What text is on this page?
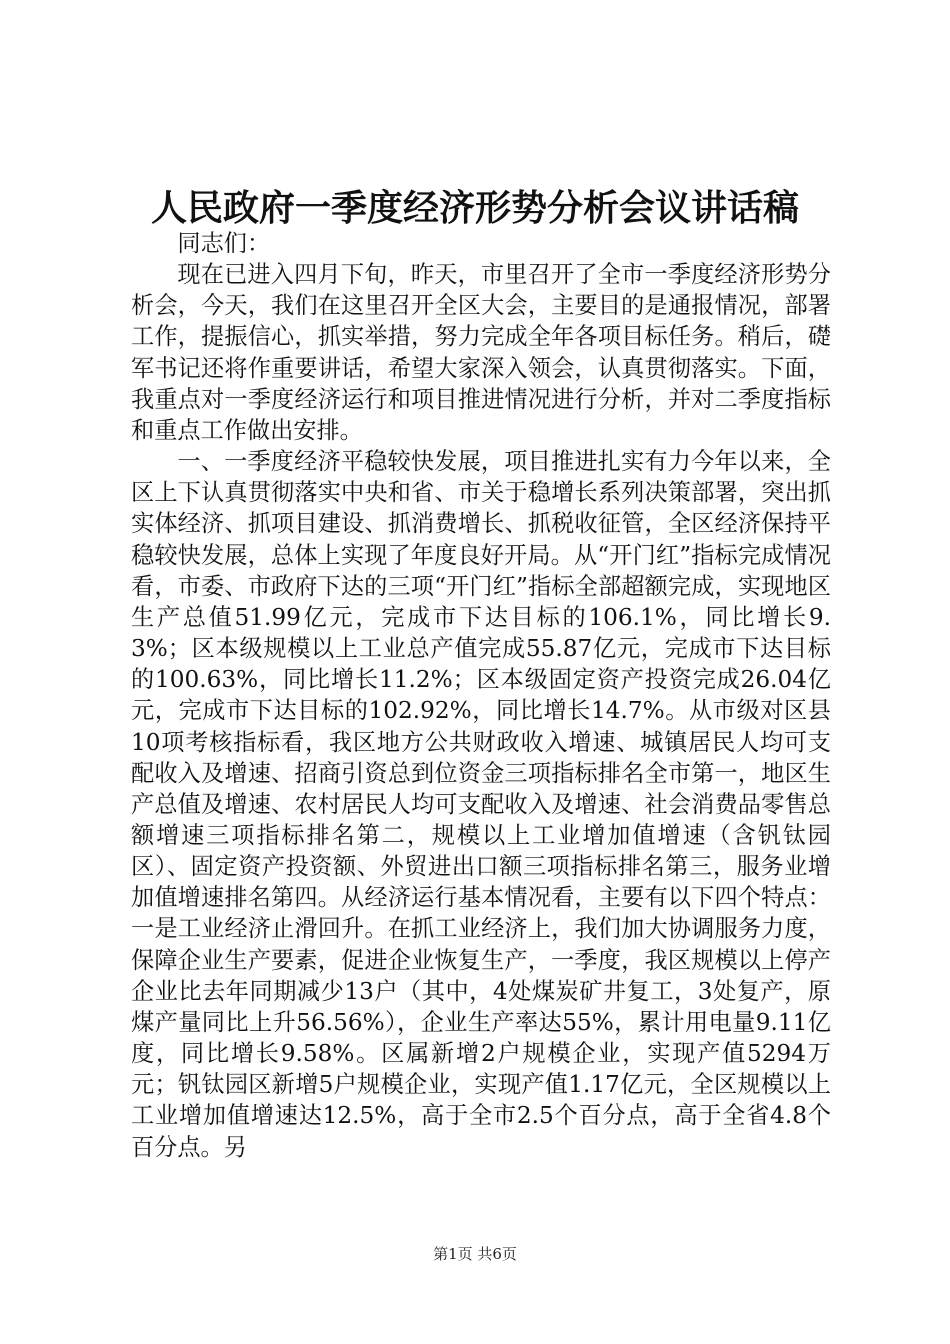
人民政府一季度经济形势分析会议讲话稿

同志们：

现在已进入四月下旬，昨天，市里召开了全市一季度经济形势分析会，今天，我们在这里召开全区大会，主要目的是通报情况，部署工作，提振信心，抓实举措，努力完成全年各项目标任务。稍后，礎军书记还将作重要讲话，希望大家深入领会，认真贯彻落实。下面，我重点对一季度经济运行和项目推进情况进行分析，并对二季度指标和重点工作做出安排。

一、一季度经济平稳较快发展，项目推进扎实有力今年以来，全区上下认真贯彻落实中央和省、市关于稳增长系列决策部署，突出抓实体经济、抓项目建设、抓消费增长、抓税收征管，全区经济保持平稳较快发展，总体上实现了年度良好开局。从“开门红”指标完成情况看，市委、市政府下达的三项“开门红”指标全部超额完成，实现地区生产总值51.99亿元，完成市下达目标的106.1%，同比增长9.3%；区本级规模以上工业总产值完成55.87亿元，完成市下达目标的100.63%，同比增长11.2%；区本级固定资产投资完成26.04亿元，完成市下达目标的102.92%，同比增长14.7%。从市级对区县10项考核指标看，我区地方公共财政收入增速、城镇居民人均可支配收入及增速、招商引资总到位资金三项指标排名全市第一，地区生产总值及增速、农村居民人均可支配收入及增速、社会消费品零售总额增速三项指标排名第二，规模以上工业增加值增速（含钒钛园区）、固定资产投资额、外贸进出口额三项指标排名第三，服务业增加值增速排名第四。从经济运行基本情况看，主要有以下四个特点：一是工业经济止滑回升。在抓工业经济上，我们加大协调服务力度，保障企业生产要素，促进企业恢复生产，一季度，我区规模以上停产企业比去年同期减少13户（其中，4处煤炭矿井复工，3处复产，原煤产量同比上升56.56%），企业生产率达55%，累计用电量9.11亿度，同比增长9.58%。区属新增2户规模企业，实现产值5294万元；钒钛园区新增5户规模企业，实现产值1.17亿元，全区规模以上工业增加值增速达12.5%，高于全市2.5个百分点，高于全省4.8个百分点。另

第1页 共6页
